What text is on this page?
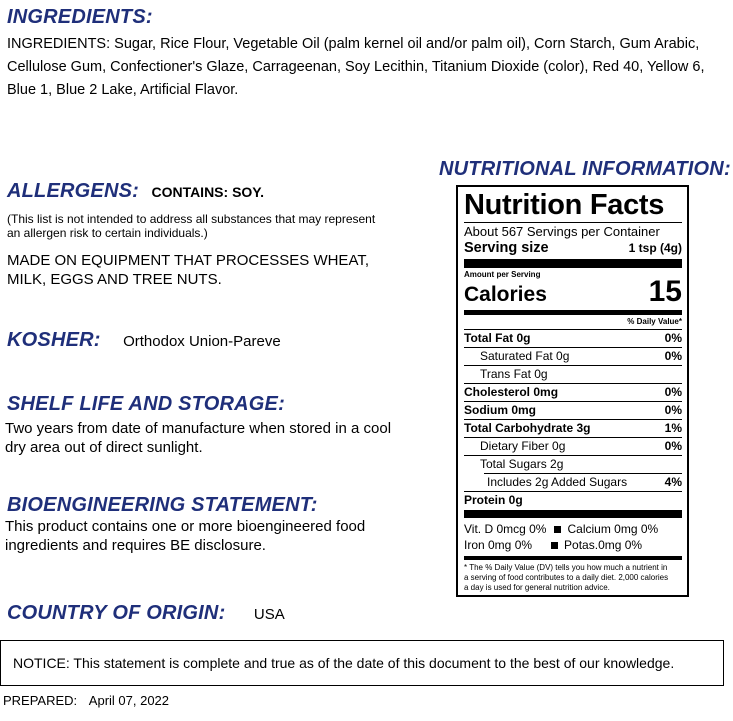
INGREDIENTS:
INGREDIENTS: Sugar, Rice Flour, Vegetable Oil (palm kernel oil and/or palm oil), Corn Starch, Gum Arabic,
Cellulose Gum, Confectioner's Glaze, Carrageenan, Soy Lecithin, Titanium Dioxide (color), Red 40, Yellow 6,
Blue 1, Blue 2 Lake, Artificial Flavor.
NUTRITIONAL INFORMATION:
ALLERGENS: CONTAINS: SOY.
(This list is not intended to address all substances that may represent
an allergen risk to certain individuals.)
MADE ON EQUIPMENT THAT PROCESSES WHEAT,
MILK, EGGS AND TREE NUTS.
KOSHER: Orthodox Union-Pareve
SHELF LIFE AND STORAGE:
Two years from date of manufacture when stored in a cool
dry area out of direct sunlight.
BIOENGINEERING STATEMENT:
This product contains one or more bioengineered food
ingredients and requires BE disclosure.
COUNTRY OF ORIGIN: USA
NOTICE: This statement is complete and true as of the date of this document to the best of our knowledge.
PREPARED: April 07, 2022
Nutrition Facts
About 567 Servings per Container
Serving size	1 tsp (4g)
Amount per Serving
Calories	15
% Daily Value*
Total Fat 0g	0%
Saturated Fat 0g	0%
Trans Fat 0g
Cholesterol 0mg	0%
Sodium 0mg	0%
Total Carbohydrate 3g	1%
Dietary Fiber 0g	0%
Total Sugars 2g
Includes 2g Added Sugars	4%
Protein 0g
Vit. D 0mcg 0% Calcium 0mg 0%
Iron 0mg 0%	Potas.0mg 0%
* The % Daily Value (DV) tells you how much a nutrient in
a serving of food contributes to a daily diet. 2,000 calories
a day is used for general nutrition advice.
